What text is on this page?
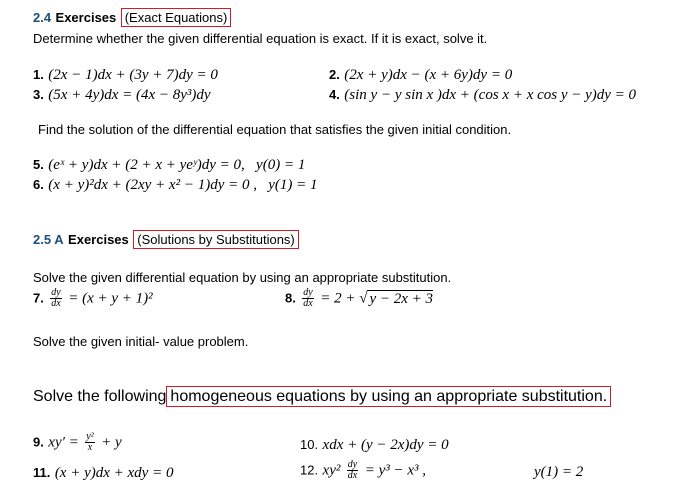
2.4 Exercises (Exact Equations)
Determine whether the given differential equation is exact. If it is exact, solve it.
1. (2x − 1)dx + (3y + 7)dy = 0	2. (2x + y)dx − (x + 6y)dy = 0
3. (5x + 4y)dx = (4x − 8y³)dy	4. (sin y − y sin x )dx + (cos x + x cos y − y)dy = 0
Find the solution of the differential equation that satisfies the given initial condition.
5. (eˣ + y)dx + (2 + x + yeʸ)dy = 0,   y(0) = 1
6. (x + y)²dx + (2xy + x² − 1)dy = 0 ,   y(1) = 1
2.5 A Exercises (Solutions by Substitutions)
Solve the given differential equation by using an appropriate substitution.
7. $\frac{dy}{dx} = (x + y + 1)^2$	8. $\frac{dy}{dx} = 2$ + √ y − 2x + 3
Solve the given initial- value problem.
Solve the following homogeneous equations by using an appropriate substitution.
9. $xy' = \frac{\text{y²}}{x} + y$	10. xdx + (y − 2x)dy = 0
11. (x + y)dx + xdy = 0	12. $xy^2 \frac{dy}{dx} = y^3 - x^3$ ,	y(1) = 2
